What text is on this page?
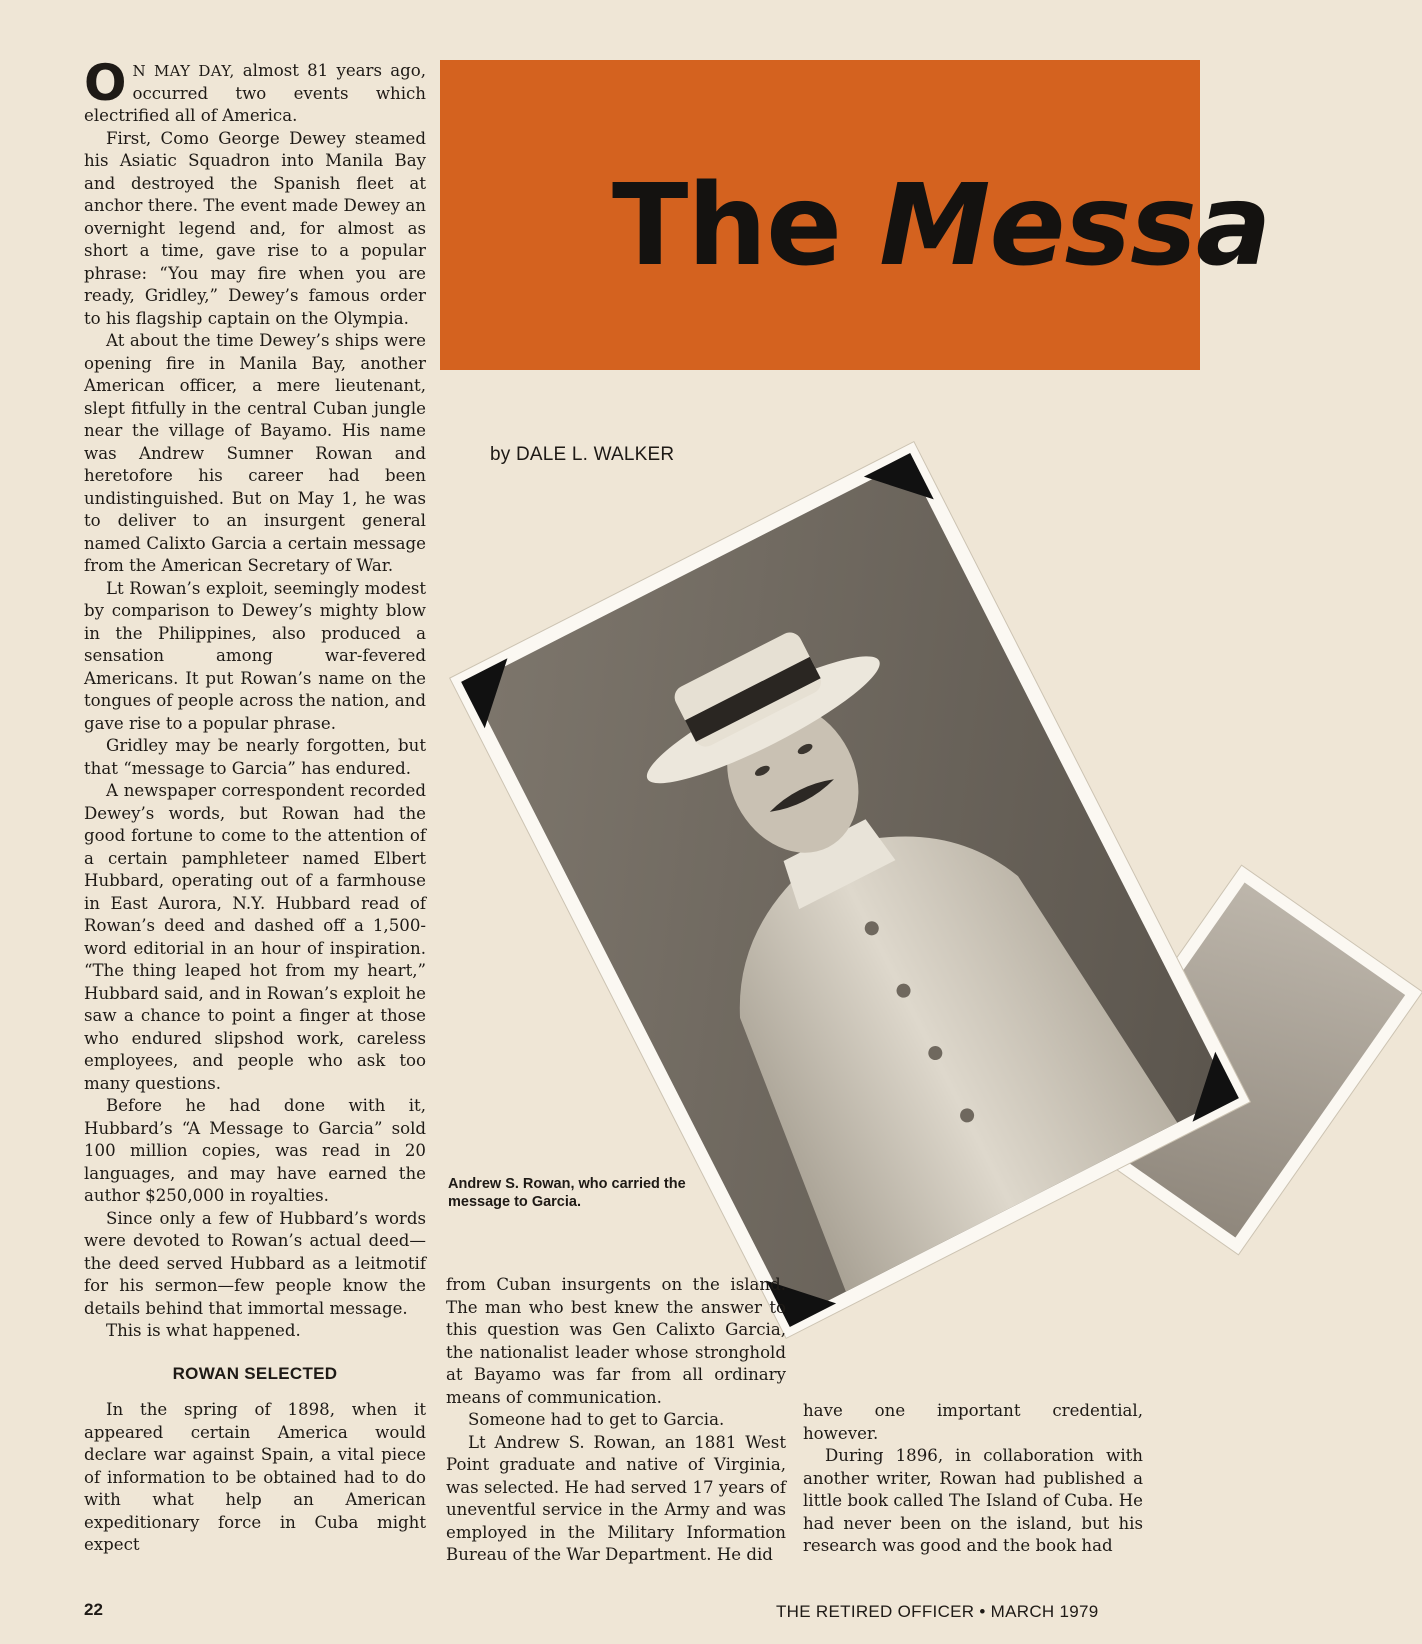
O N MAY DAY, almost 81 years ago, occurred two events which electrified all of America.

First, Como George Dewey steamed his Asiatic Squadron into Manila Bay and destroyed the Spanish fleet at anchor there. The event made Dewey an overnight legend and, for almost as short a time, gave rise to a popular phrase: “You may fire when you are ready, Gridley,” Dewey’s famous order to his flagship captain on the Olympia.

At about the time Dewey’s ships were opening fire in Manila Bay, another American officer, a mere lieutenant, slept fitfully in the central Cuban jungle near the village of Bayamo. His name was Andrew Sumner Rowan and heretofore his career had been undistinguished. But on May 1, he was to deliver to an insurgent general named Calixto Garcia a certain message from the American Secretary of War.

Lt Rowan’s exploit, seemingly modest by comparison to Dewey’s mighty blow in the Philippines, also produced a sensation among war-fevered Americans. It put Rowan’s name on the tongues of people across the nation, and gave rise to a popular phrase.

Gridley may be nearly forgotten, but that “message to Garcia” has endured.

A newspaper correspondent recorded Dewey’s words, but Rowan had the good fortune to come to the attention of a certain pamphleteer named Elbert Hubbard, operating out of a farmhouse in East Aurora, N.Y. Hubbard read of Rowan’s deed and dashed off a 1,500-word editorial in an hour of inspiration. “The thing leaped hot from my heart,” Hubbard said, and in Rowan’s exploit he saw a chance to point a finger at those who endured slipshod work, careless employees, and people who ask too many questions.

Before he had done with it, Hubbard’s “A Message to Garcia” sold 100 million copies, was read in 20 languages, and may have earned the author $250,000 in royalties.

Since only a few of Hubbard’s words were devoted to Rowan’s actual deed—the deed served Hubbard as a leitmotif for his sermon—few people know the details behind that immortal message.

This is what happened.

ROWAN SELECTED

In the spring of 1898, when it appeared certain America would declare war against Spain, a vital piece of information to be obtained had to do with what help an American expeditionary force in Cuba might expect

The Messa
by DALE L. WALKER
Andrew S. Rowan, who carried the message to Garcia.

from Cuban insurgents on the island. The man who best knew the answer to this question was Gen Calixto Garcia, the nationalist leader whose stronghold at Bayamo was far from all ordinary means of communication.

Someone had to get to Garcia.

Lt Andrew S. Rowan, an 1881 West Point graduate and native of Virginia, was selected. He had served 17 years of uneventful service in the Army and was employed in the Military Information Bureau of the War Department. He did

have one important credential, however.

During 1896, in collaboration with another writer, Rowan had published a little book called The Island of Cuba. He had never been on the island, but his research was good and the book had

22	THE RETIRED OFFICER • MARCH 1979
